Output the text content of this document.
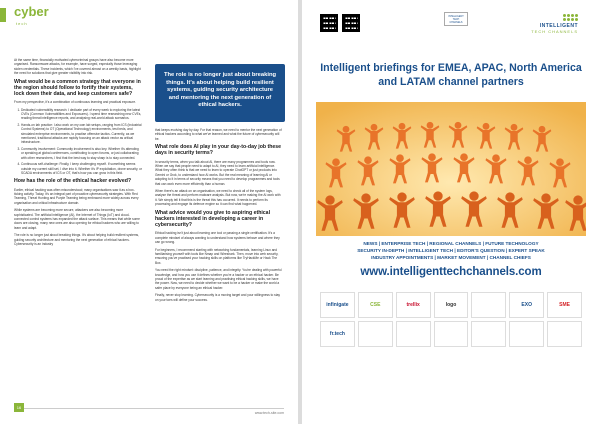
cyber
tech

At the same time, financially motivated cybercriminal groups have also become more organised. Ransomware attacks, for example, have surged, especially those leveraging stolen credentials. These incidents, which I've covered almost on a weekly basis, highlight the need for solutions that give greater visibility into risk.

What would be a common strategy that everyone in the region should follow to fortify their systems, lock down their data, and keep customers safe?

From my perspective, it's a combination of continuous learning and practical exposure.

1. Dedicated vulnerability research: I dedicate part of every week to exploring the latest CVEs (Common Vulnerabilities and Exposures). I spend time researching new CVEs, reading threat intelligence reports, and analysing real-world attack scenarios.
2. Hands-on lab practice: I also work on my own lab setups, ranging from ICS (Industrial Control Systems) to OT (Operational Technology) environments, test beds, and simulated enterprise environments, to practise offensive tactics. Currently, as we mentioned, traditional attacks are rapidly focusing on an attack vector as critical infrastructure.
3. Community involvement: Community involvement is also key. Whether it's attending or speaking at global conferences, contributing to open forums, or just collaborating with other researchers, I find that the best way to stay sharp is to stay connected.
4. Continuous self-challenge: Finally, I keep challenging myself. If something seems outside my current skill set, I dive into it. Whether it's IP exploitation, drone security, or SCADA environments of ICS or OT, that's how you can grow in this field.
How has the role of the ethical hacker evolved?

Earlier, ethical hacking was often misunderstood; many organisations saw it as a box-ticking activity. Today, it's an integral part of proactive cybersecurity strategies. With Red Teaming, Threat Hunting and Purple Teaming being embraced more widely across every organisation and critical infrastructure domain.

While systems are becoming more secure, attackers are also becoming more sophisticated. The artificial intelligence (AI), the Internet of Things (IoT) and cloud-connected control systems has expanded the attack surface. This means that while some doors are closing, many new ones are also opening for ethical hackers who are willing to learn and adapt.

The role is no longer just about breaking things. It's about helping build resilient systems, guiding security architecture and mentoring the next generation of ethical hackers. Cybersecurity is an industry

The role is no longer just about breaking things. It's about helping build resilient systems, guiding security architecture and mentoring the next generation of ethical hackers.

that keeps evolving day by day. For that reason, we need to mentor the next generation of ethical hackers according to what we've learned and what the future of cybersecurity will be.

What role does AI play in your day-to-day job these days in security terms?

In security terms, when you talk about AI, there are many programmes and tools now. When we say that people need to adapt to AI, they need to learn artificial intelligence. What they often think is that we need to learn to operate ChatGPT or just products into Gemini or Grok, to understand how AI works. But the real meaning of learning AI or adopting to it in terms of security means that you need to develop programmes and tools that can work even more efficiently than a human.

When there's an attack on an organisation, we need to check all of the system logs, analyse the threat and perform malware analysis. But now, we're making the AI work with it. We simply tell it that this is the threat this has occurred. It needs to perform its processing and engage its defence engine so it can find what happened.

What advice would you give to aspiring ethical hackers interested in developing a career in cybersecurity?

Ethical hacking isn't just about learning one tool or passing a single certification. It's a complete mindset of always wanting to understand how systems behave and where they can go wrong.

For beginners, I recommend starting with networking fundamentals, learning Linux and familiarising yourself with tools like Nmap and Wireshark. Then, move into web security, ensuring you've practised your hacking skills on platforms like TryHackMe or Hack The Box.

You need the right mindset: discipline, patience, and integrity. You're dealing with powerful knowledge, and how you use it defines whether you're a hacker or an ethical hacker. Be proud of the expertise as we start learning and practising ethical hacking skills, we have the power. Now, we need to decide whether we want to be a hacker or make the world a safer place by everyone being an ethical hacker.

Finally, never stop learning. Cybersecurity is a moving target and your willingness to stay on your toes will define your success.

16
www.tech-site.com
INTELLIGENT TECH CHANNELS
INTELLIGENT
TECH CHANNELS
Intelligent briefings for EMEA, APAC, North America and LATAM channel partners
NEWS | ENTERPRISE TECH | REGIONAL CHANNELS | FUTURE TECHNOLOGY
SECURITY IN-DEPTH | INTELLIGENT TECH | EDITOR'S QUESTION | EXPERT SPEAK
INDUSTRY APPOINTMENTS | MARKET MOVEMENT | CHANNEL CHIEFS
www.intelligenttechchannels.com
infinigate	CSE	trellix	logo	EXO	SME
fr.tech
